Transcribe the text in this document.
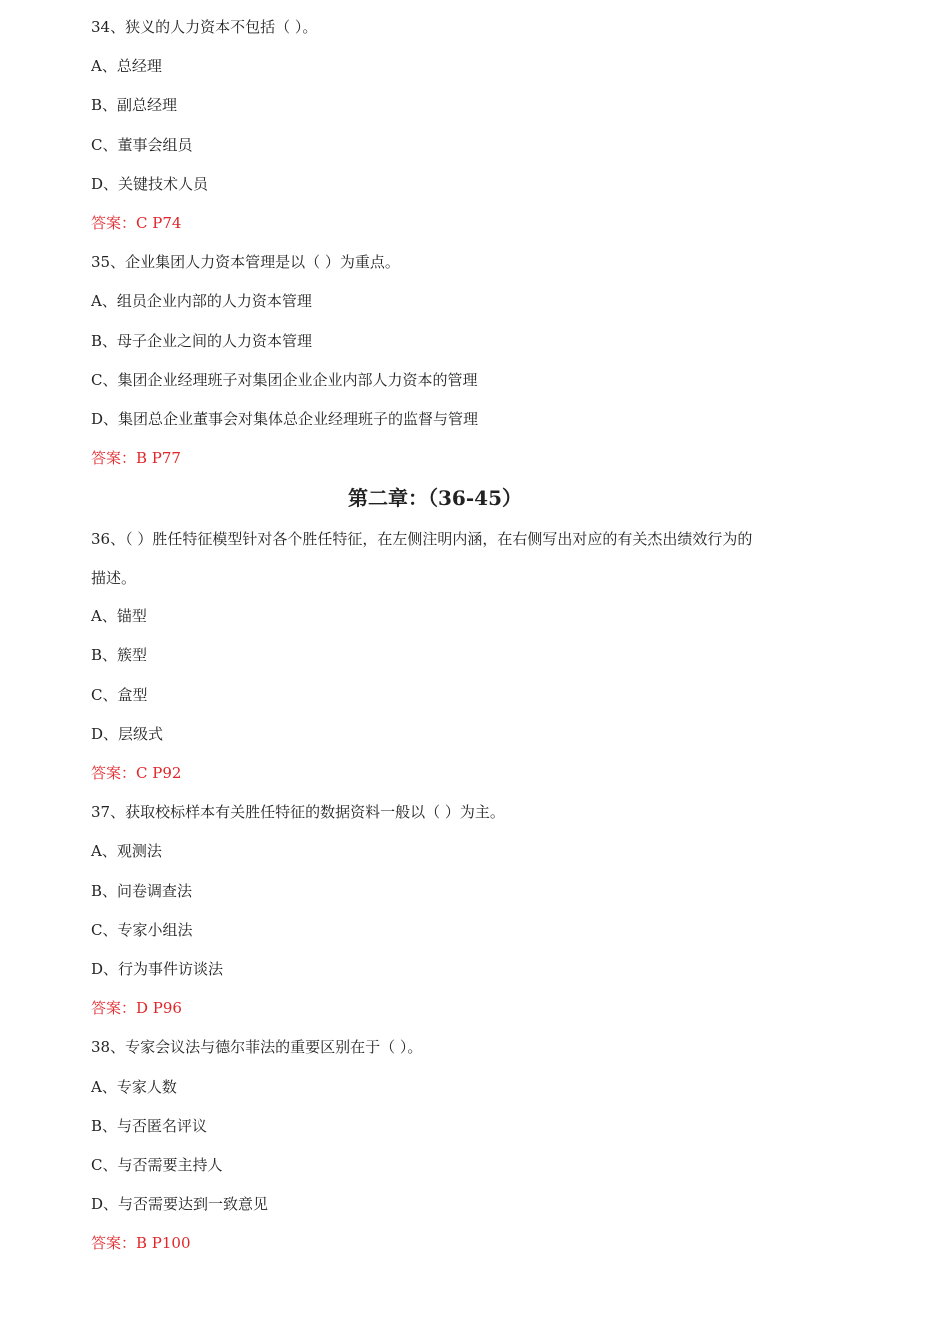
34、狭义的人力资本不包括（ ）。
A、总经理
B、副总经理
C、董事会组员
D、关键技术人员
答案：C P74
35、企业集团人力资本管理是以（ ）为重点。
A、组员企业内部的人力资本管理
B、母子企业之间的人力资本管理
C、集团企业经理班子对集团企业企业内部人力资本的管理
D、集团总企业董事会对集体总企业经理班子的监督与管理
答案：B P77
第二章：（36-45）
36、（ ）胜任特征模型针对各个胜任特征，在左侧注明内涵，在右侧写出对应的有关杰出绩效行为的
描述。
A、锚型
B、簇型
C、盒型
D、层级式
答案：C P92
37、获取校标样本有关胜任特征的数据资料一般以（ ）为主。
A、观测法
B、问卷调查法
C、专家小组法
D、行为事件访谈法
答案：D P96
38、专家会议法与德尔菲法的重要区别在于（ ）。
A、专家人数
B、与否匿名评议
C、与否需要主持人
D、与否需要达到一致意见
答案：B P100
